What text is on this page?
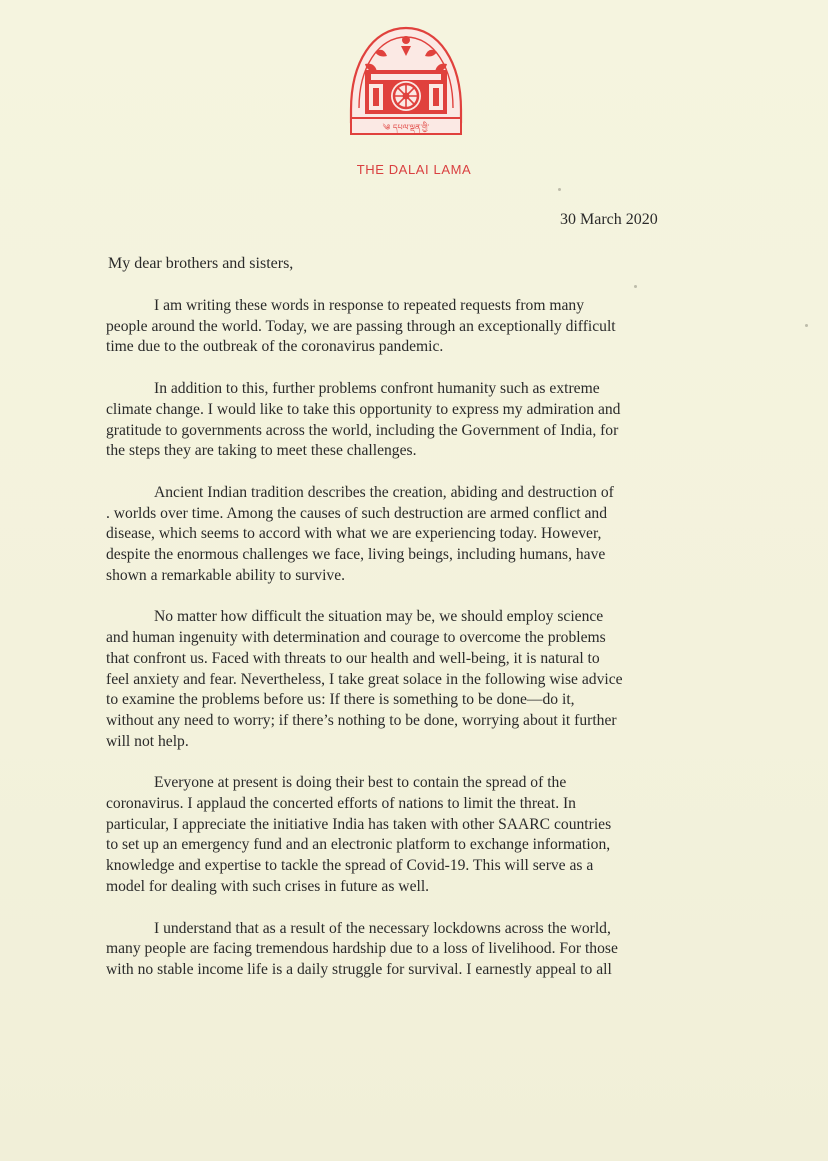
༄ དཔལ་ལྡན་གྱི་
THE DALAI LAMA
30 March 2020
My dear brothers and sisters,

I am writing these words in response to repeated requests from many
people around the world. Today, we are passing through an exceptionally difficult
time due to the outbreak of the coronavirus pandemic.

In addition to this, further problems confront humanity such as extreme
climate change. I would like to take this opportunity to express my admiration and
gratitude to governments across the world, including the Government of India, for
the steps they are taking to meet these challenges.

Ancient Indian tradition describes the creation, abiding and destruction of
. worlds over time. Among the causes of such destruction are armed conflict and
disease, which seems to accord with what we are experiencing today. However,
despite the enormous challenges we face, living beings, including humans, have
shown a remarkable ability to survive.

No matter how difficult the situation may be, we should employ science
and human ingenuity with determination and courage to overcome the problems
that confront us. Faced with threats to our health and well-being, it is natural to
feel anxiety and fear. Nevertheless, I take great solace in the following wise advice
to examine the problems before us: If there is something to be done—do it,
without any need to worry; if there’s nothing to be done, worrying about it further
will not help.

Everyone at present is doing their best to contain the spread of the
coronavirus. I applaud the concerted efforts of nations to limit the threat. In
particular, I appreciate the initiative India has taken with other SAARC countries
to set up an emergency fund and an electronic platform to exchange information,
knowledge and expertise to tackle the spread of Covid-19. This will serve as a
model for dealing with such crises in future as well.

I understand that as a result of the necessary lockdowns across the world,
many people are facing tremendous hardship due to a loss of livelihood. For those
with no stable income life is a daily struggle for survival. I earnestly appeal to all
